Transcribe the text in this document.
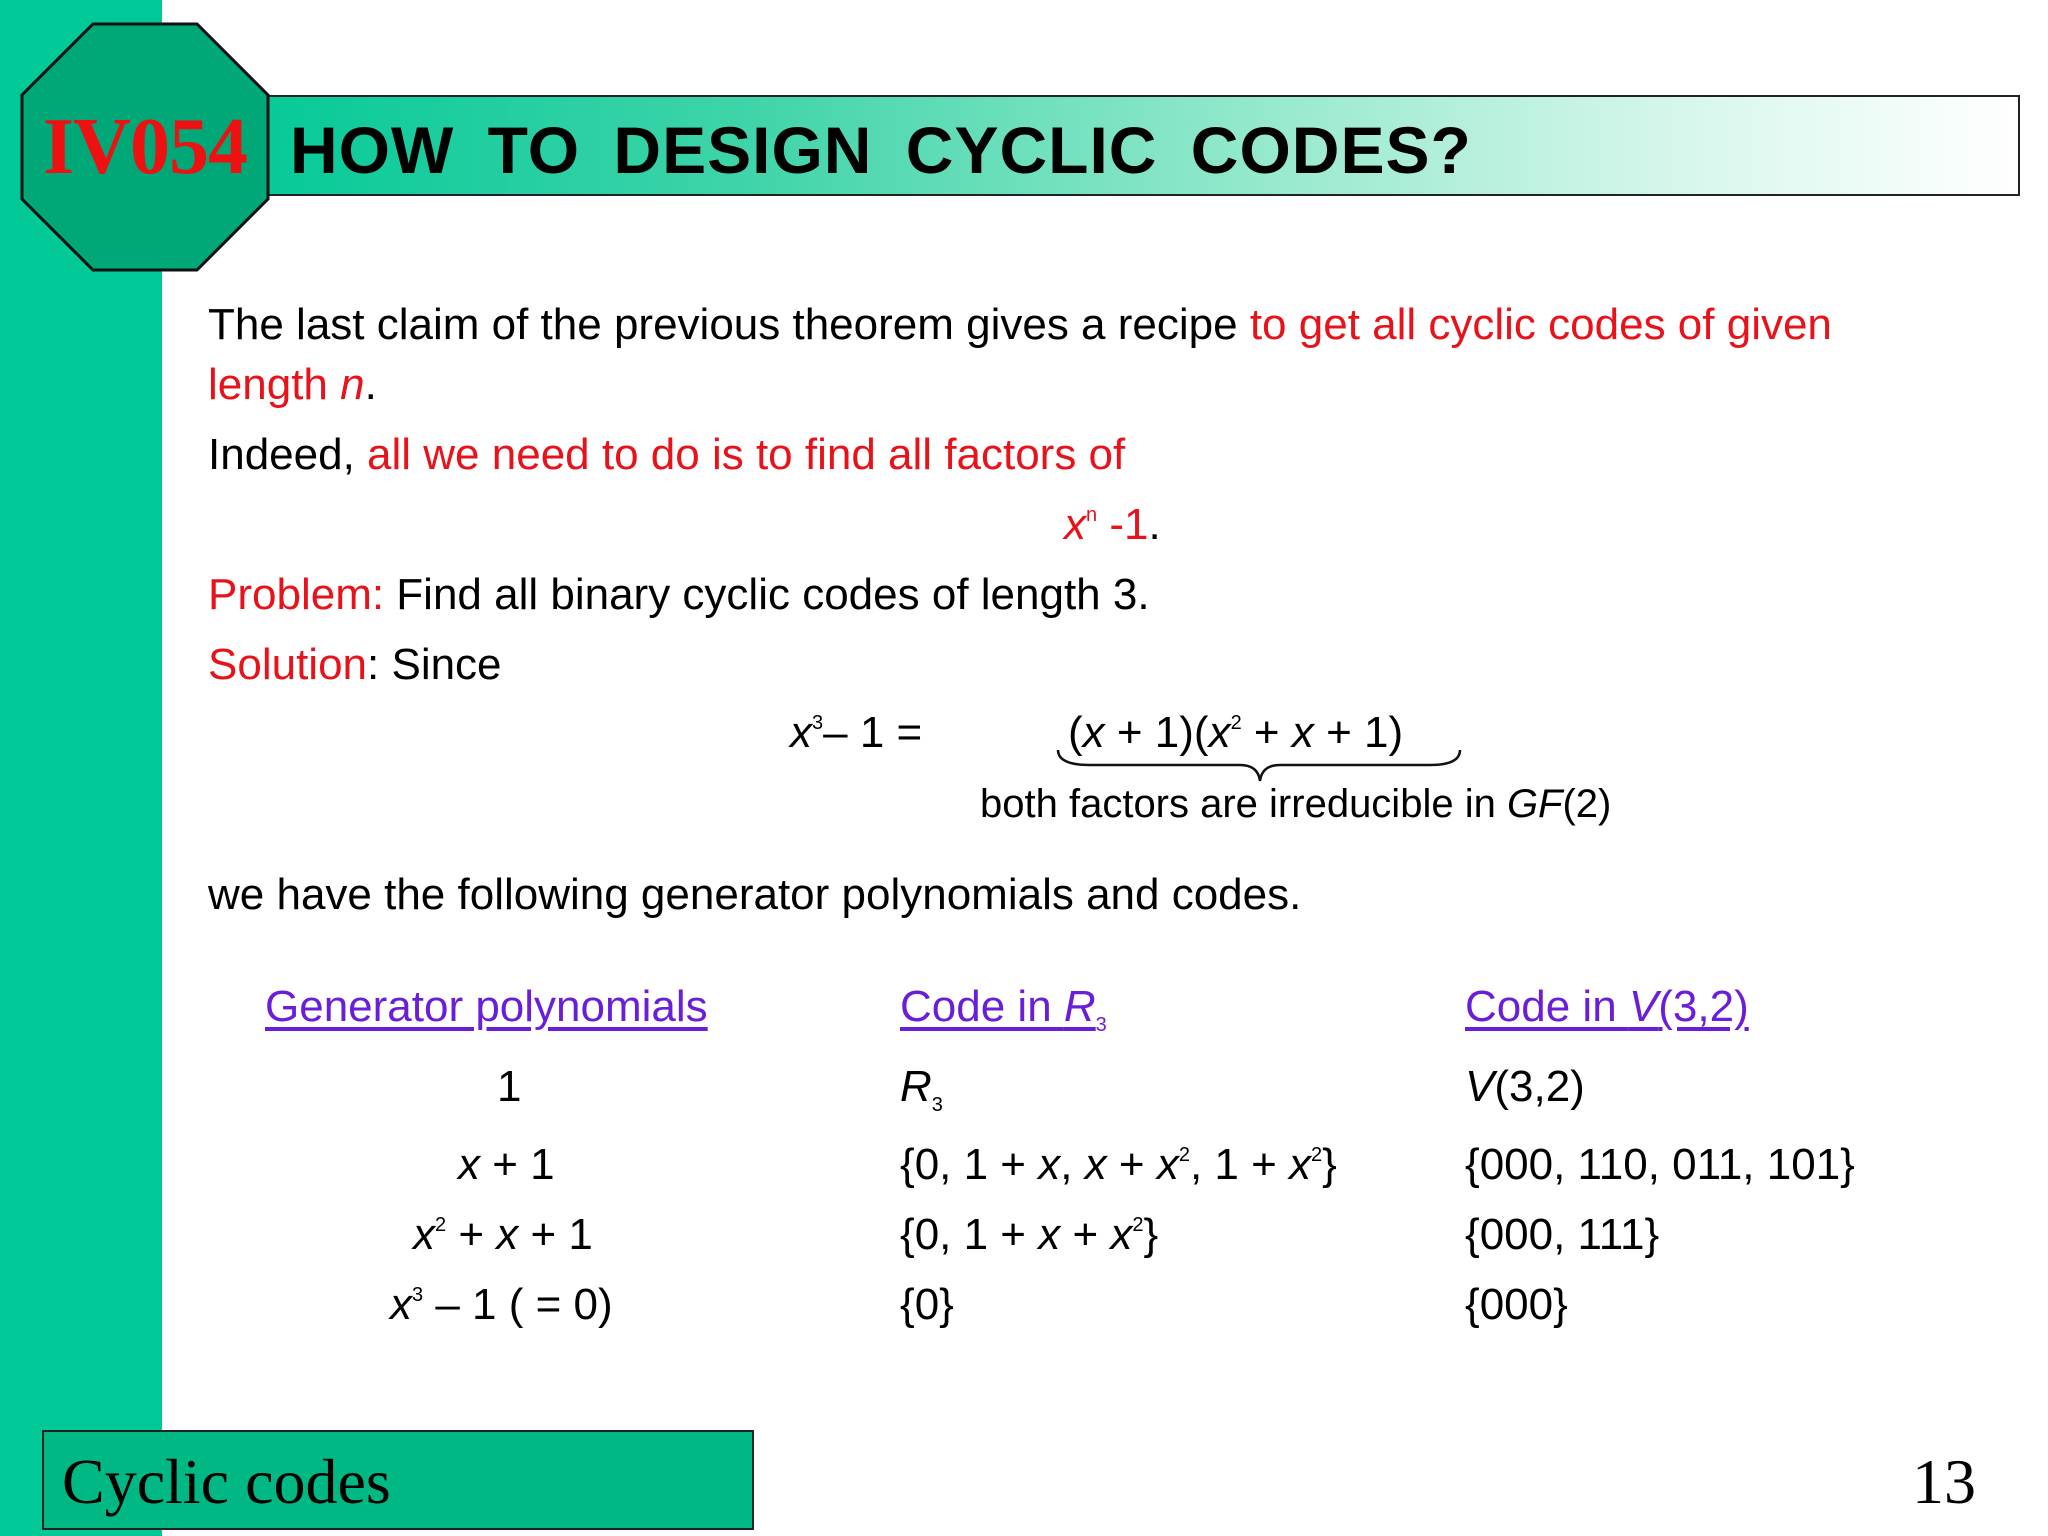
IV054 HOW TO DESIGN CYCLIC CODES?
The last claim of the previous theorem gives a recipe to get all cyclic codes of given
length n.
Indeed, all we need to do is to find all factors of
$x^n$ -1.
Problem: Find all binary cyclic codes of length 3.
Solution: Since
$x^3-$ 1 =	$(x + 1)(x^2 + x + 1)$
both factors are irreducible in GF(2)
we have the following generator polynomials and codes.
Generator polynomials	Code in $R_3$	Code in V(3,2)
1	$R_3$	V(3,2)
x + 1	{0, 1 + x, $x + x^2$, $1 + x^2$}	{000, 110, 011, 101}
$x^2 + x + 1$	{0, $1 + x + x^2$}	{000, 111}
$x^3 - 1$ ( = 0)	{0}	{000}
Cyclic codes	13
